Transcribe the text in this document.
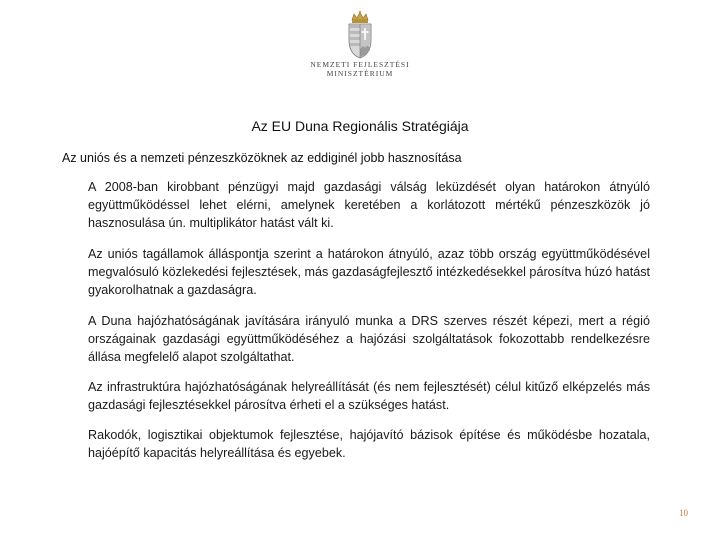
NEMZETI FEJLESZTÉSI
MINISZTÉRIUM
Az EU Duna Regionális Stratégiája
Az uniós és a nemzeti pénzeszközöknek az eddiginél jobb hasznosítása

A 2008-ban kirobbant pénzügyi majd gazdasági válság leküzdését olyan határokon átnyúló együttműködéssel lehet elérni, amelynek keretében a korlátozott mértékű pénzeszközök jó hasznosulása ún. multiplikátor hatást vált ki.

Az uniós tagállamok álláspontja szerint a határokon átnyúló, azaz több ország együttműködésével megvalósuló közlekedési fejlesztések, más gazdaságfejlesztő intézkedésekkel párosítva húzó hatást gyakorolhatnak a gazdaságra.

A Duna hajózhatóságának javítására irányuló munka a DRS szerves részét képezi, mert a régió országainak gazdasági együttműködéséhez a hajózási szolgáltatások fokozottabb rendelkezésre állása megfelelő alapot szolgáltathat.

Az infrastruktúra hajózhatóságának helyreállítását (és nem fejlesztését) célul kitűző elképzelés más gazdasági fejlesztésekkel párosítva érheti el a szükséges hatást.

Rakodók, logisztikai objektumok fejlesztése, hajójavító bázisok építése és működésbe hozatala, hajóépítő kapacitás helyreállítása és egyebek.

10
